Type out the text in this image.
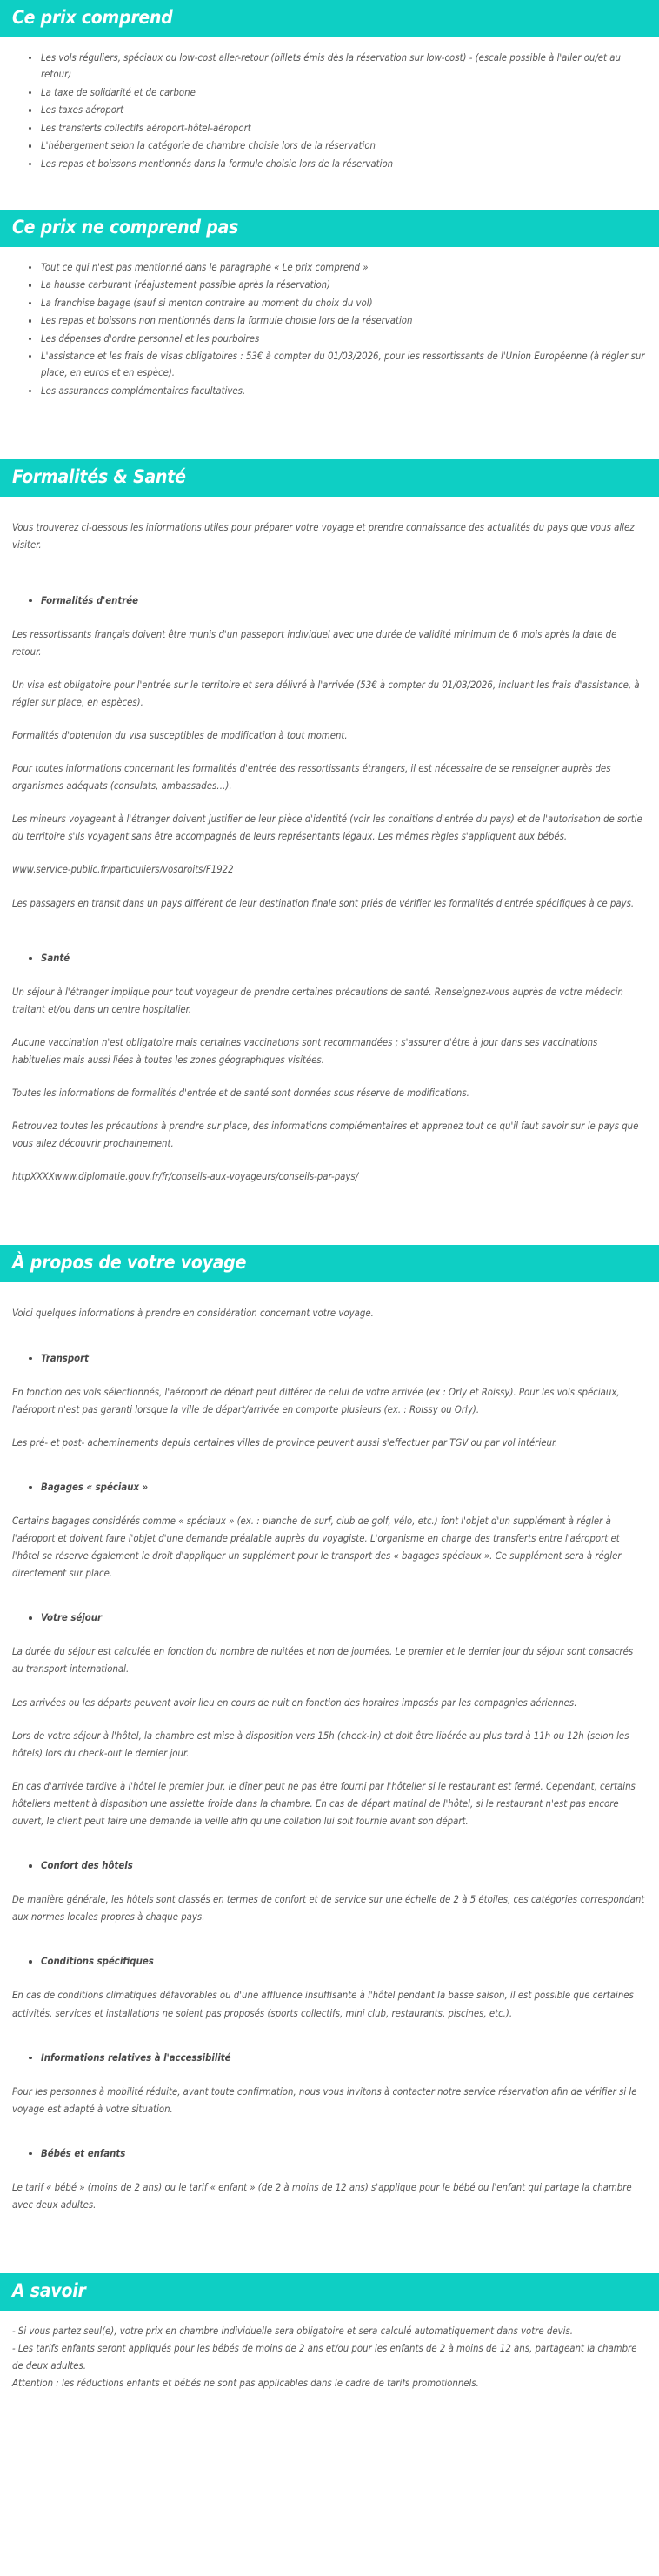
Ce prix comprend
Les vols réguliers, spéciaux ou low-cost aller-retour (billets émis dès la réservation sur low-cost) - (escale possible à l'aller ou/et au retour)
La taxe de solidarité et de carbone
Les taxes aéroport
Les transferts collectifs aéroport-hôtel-aéroport
L'hébergement selon la catégorie de chambre choisie lors de la réservation
Les repas et boissons mentionnés dans la formule choisie lors de la réservation
Ce prix ne comprend pas
Tout ce qui n'est pas mentionné dans le paragraphe « Le prix comprend »
La hausse carburant (réajustement possible après la réservation)
La franchise bagage (sauf si menton contraire au moment du choix du vol)
Les repas et boissons non mentionnés dans la formule choisie lors de la réservation
Les dépenses d'ordre personnel et les pourboires
L'assistance et les frais de visas obligatoires : 53€ à compter du 01/03/2026, pour les ressortissants de l'Union Européenne (à régler sur place, en euros et en espèce).
Les assurances complémentaires facultatives.
Formalités & Santé

Vous trouverez ci-dessous les informations utiles pour préparer votre voyage et prendre connaissance des actualités du pays que vous allez visiter.

Formalités d'entrée

Les ressortissants français doivent être munis d'un passeport individuel avec une durée de validité minimum de 6 mois après la date de retour.

Un visa est obligatoire pour l'entrée sur le territoire et sera délivré à l'arrivée (53€ à compter du 01/03/2026, incluant les frais d'assistance, à régler sur place, en espèces).

Formalités d'obtention du visa susceptibles de modification à tout moment.

Pour toutes informations concernant les formalités d'entrée des ressortissants étrangers, il est nécessaire de se renseigner auprès des organismes adéquats (consulats, ambassades…).

Les mineurs voyageant à l'étranger doivent justifier de leur pièce d'identité (voir les conditions d'entrée du pays) et de l'autorisation de sortie du territoire s'ils voyagent sans être accompagnés de leurs représentants légaux. Les mêmes règles s'appliquent aux bébés.

www.service-public.fr/particuliers/vosdroits/F1922

Les passagers en transit dans un pays différent de leur destination finale sont priés de vérifier les formalités d'entrée spécifiques à ce pays.

Santé

Un séjour à l'étranger implique pour tout voyageur de prendre certaines précautions de santé. Renseignez-vous auprès de votre médecin traitant et/ou dans un centre hospitalier.

Aucune vaccination n'est obligatoire mais certaines vaccinations sont recommandées ; s'assurer d'être à jour dans ses vaccinations habituelles mais aussi liées à toutes les zones géographiques visitées.

Toutes les informations de formalités d'entrée et de santé sont données sous réserve de modifications.

Retrouvez toutes les précautions à prendre sur place, des informations complémentaires et apprenez tout ce qu'il faut savoir sur le pays que vous allez découvrir prochainement.

httpXXXXwww.diplomatie.gouv.fr/fr/conseils-aux-voyageurs/conseils-par-pays/

À propos de votre voyage

Voici quelques informations à prendre en considération concernant votre voyage.

Transport

En fonction des vols sélectionnés, l'aéroport de départ peut différer de celui de votre arrivée (ex : Orly et Roissy). Pour les vols spéciaux, l'aéroport n'est pas garanti lorsque la ville de départ/arrivée en comporte plusieurs (ex. : Roissy ou Orly).

Les pré- et post- acheminements depuis certaines villes de province peuvent aussi s'effectuer par TGV ou par vol intérieur.

Bagages « spéciaux »

Certains bagages considérés comme « spéciaux » (ex. : planche de surf, club de golf, vélo, etc.) font l'objet d'un supplément à régler à l'aéroport et doivent faire l'objet d'une demande préalable auprès du voyagiste. L'organisme en charge des transferts entre l'aéroport et l'hôtel se réserve également le droit d'appliquer un supplément pour le transport des « bagages spéciaux ». Ce supplément sera à régler directement sur place.

Votre séjour

La durée du séjour est calculée en fonction du nombre de nuitées et non de journées. Le premier et le dernier jour du séjour sont consacrés au transport international.

Les arrivées ou les départs peuvent avoir lieu en cours de nuit en fonction des horaires imposés par les compagnies aériennes.

Lors de votre séjour à l'hôtel, la chambre est mise à disposition vers 15h (check-in) et doit être libérée au plus tard à 11h ou 12h (selon les hôtels) lors du check-out le dernier jour.

En cas d'arrivée tardive à l'hôtel le premier jour, le dîner peut ne pas être fourni par l'hôtelier si le restaurant est fermé. Cependant, certains hôteliers mettent à disposition une assiette froide dans la chambre. En cas de départ matinal de l'hôtel, si le restaurant n'est pas encore ouvert, le client peut faire une demande la veille afin qu'une collation lui soit fournie avant son départ.

Confort des hôtels

De manière générale, les hôtels sont classés en termes de confort et de service sur une échelle de 2 à 5 étoiles, ces catégories correspondant aux normes locales propres à chaque pays.

Conditions spécifiques

En cas de conditions climatiques défavorables ou d'une affluence insuffisante à l'hôtel pendant la basse saison, il est possible que certaines activités, services et installations ne soient pas proposés (sports collectifs, mini club, restaurants, piscines, etc.).

Informations relatives à l'accessibilité

Pour les personnes à mobilité réduite, avant toute confirmation, nous vous invitons à contacter notre service réservation afin de vérifier si le voyage est adapté à votre situation.

Bébés et enfants

Le tarif « bébé » (moins de 2 ans) ou le tarif « enfant » (de 2 à moins de 12 ans) s'applique pour le bébé ou l'enfant qui partage la chambre avec deux adultes.

A savoir

- Si vous partez seul(e), votre prix en chambre individuelle sera obligatoire et sera calculé automatiquement dans votre devis.

- Les tarifs enfants seront appliqués pour les bébés de moins de 2 ans et/ou pour les enfants de 2 à moins de 12 ans, partageant la chambre de deux adultes.

Attention : les réductions enfants et bébés ne sont pas applicables dans le cadre de tarifs promotionnels.
